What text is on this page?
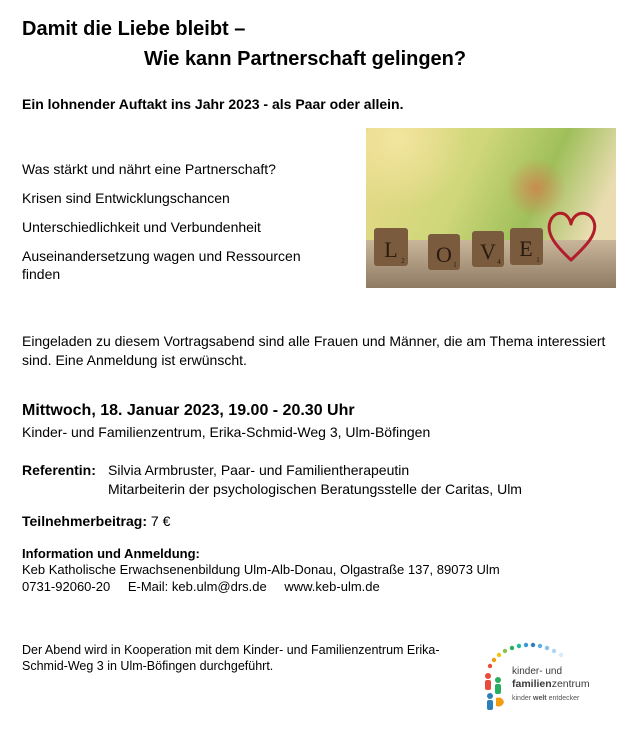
Damit die Liebe bleibt –
Wie kann Partnerschaft gelingen?
Ein lohnender Auftakt ins Jahr 2023 - als Paar oder allein.
Was stärkt und nährt eine Partnerschaft?
Krisen sind Entwicklungschancen
Unterschiedlichkeit und Verbundenheit
Auseinandersetzung wagen und Ressourcen finden
L 2 O 1
V 4
E 1
Eingeladen zu diesem Vortragsabend sind alle Frauen und Männer, die am Thema interessiert sind. Eine Anmeldung ist erwünscht.
Mittwoch, 18. Januar 2023, 19.00 - 20.30 Uhr
Kinder- und Familienzentrum, Erika-Schmid-Weg 3, Ulm-Böfingen
Referentin: Silvia Armbruster, Paar- und Familientherapeutin
Mitarbeiterin der psychologischen Beratungsstelle der Caritas, Ulm
Teilnehmerbeitrag: 7 €
Information und Anmeldung:
Keb Katholische Erwachsenenbildung Ulm-Alb-Donau, Olgastraße 137, 89073 Ulm
0731-92060-20 E-Mail: keb.ulm@drs.de www.keb-ulm.de
Der Abend wird in Kooperation mit dem Kinder- und Familienzentrum Erika-Schmid-Weg 3 in Ulm-Böfingen durchgeführt.	kinder- und
familienzentrum
kinder welt entdecker
